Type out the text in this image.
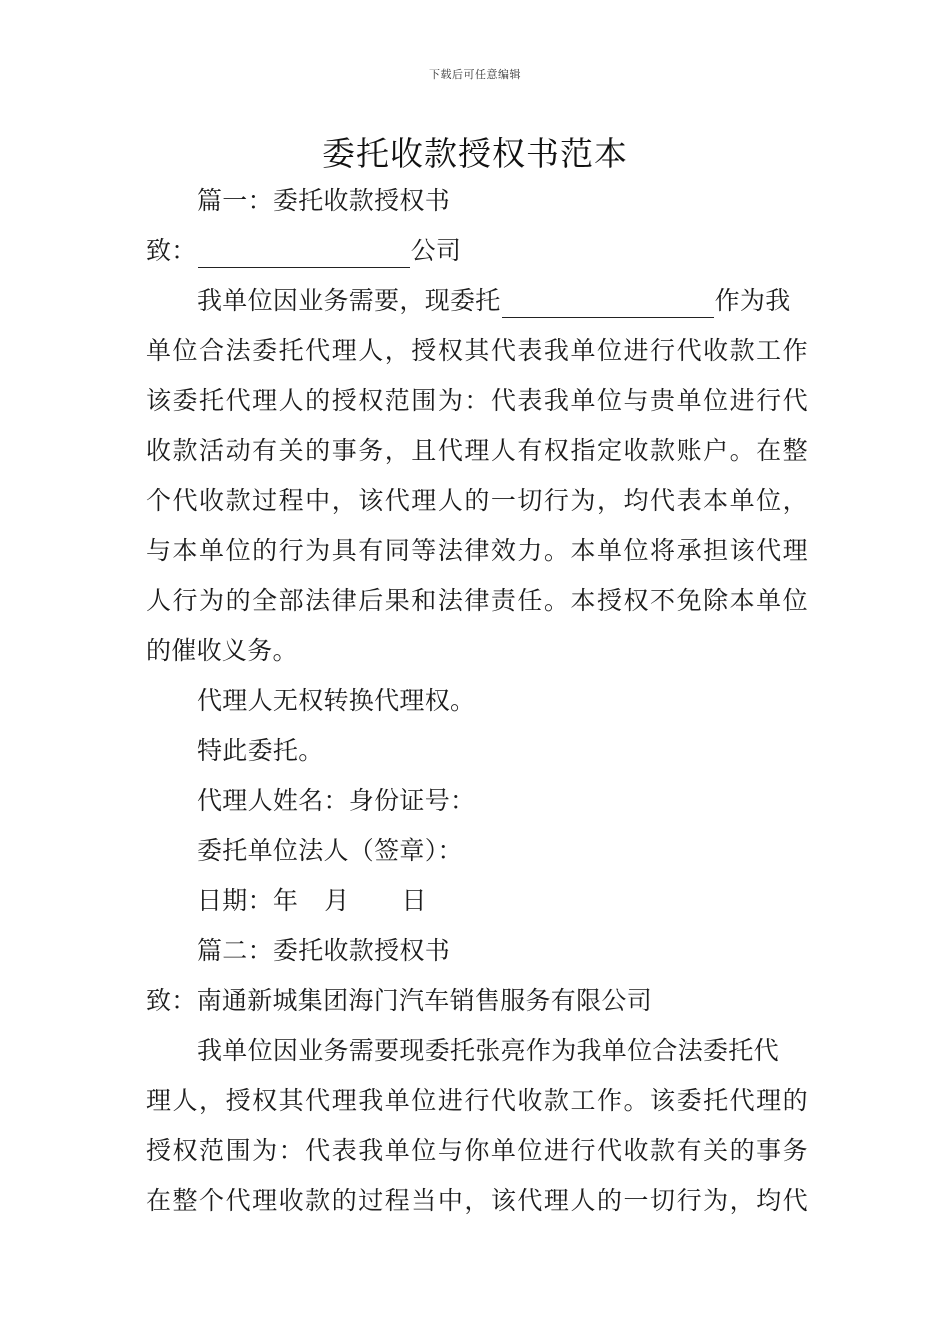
下载后可任意编辑
委托收款授权书范本
篇一：委托收款授权书
致：	公司
我单位因业务需要，现委托	作为我
单位合法委托代理人，授权其代表我单位进行代收款工作
该委托代理人的授权范围为：代表我单位与贵单位进行代
收款活动有关的事务，且代理人有权指定收款账户。在整
个代收款过程中，该代理人的一切行为，均代表本单位，
与本单位的行为具有同等法律效力。本单位将承担该代理
人行为的全部法律后果和法律责任。本授权不免除本单位
的催收义务。
代理人无权转换代理权。
特此委托。
代理人姓名：身份证号：
委托单位法人（签章）：
日期：年 月 日
篇二：委托收款授权书
致：南通新城集团海门汽车销售服务有限公司
我单位因业务需要现委托张亮作为我单位合法委托代
理人，授权其代理我单位进行代收款工作。该委托代理的
授权范围为：代表我单位与你单位进行代收款有关的事务
在整个代理收款的过程当中，该代理人的一切行为，均代
